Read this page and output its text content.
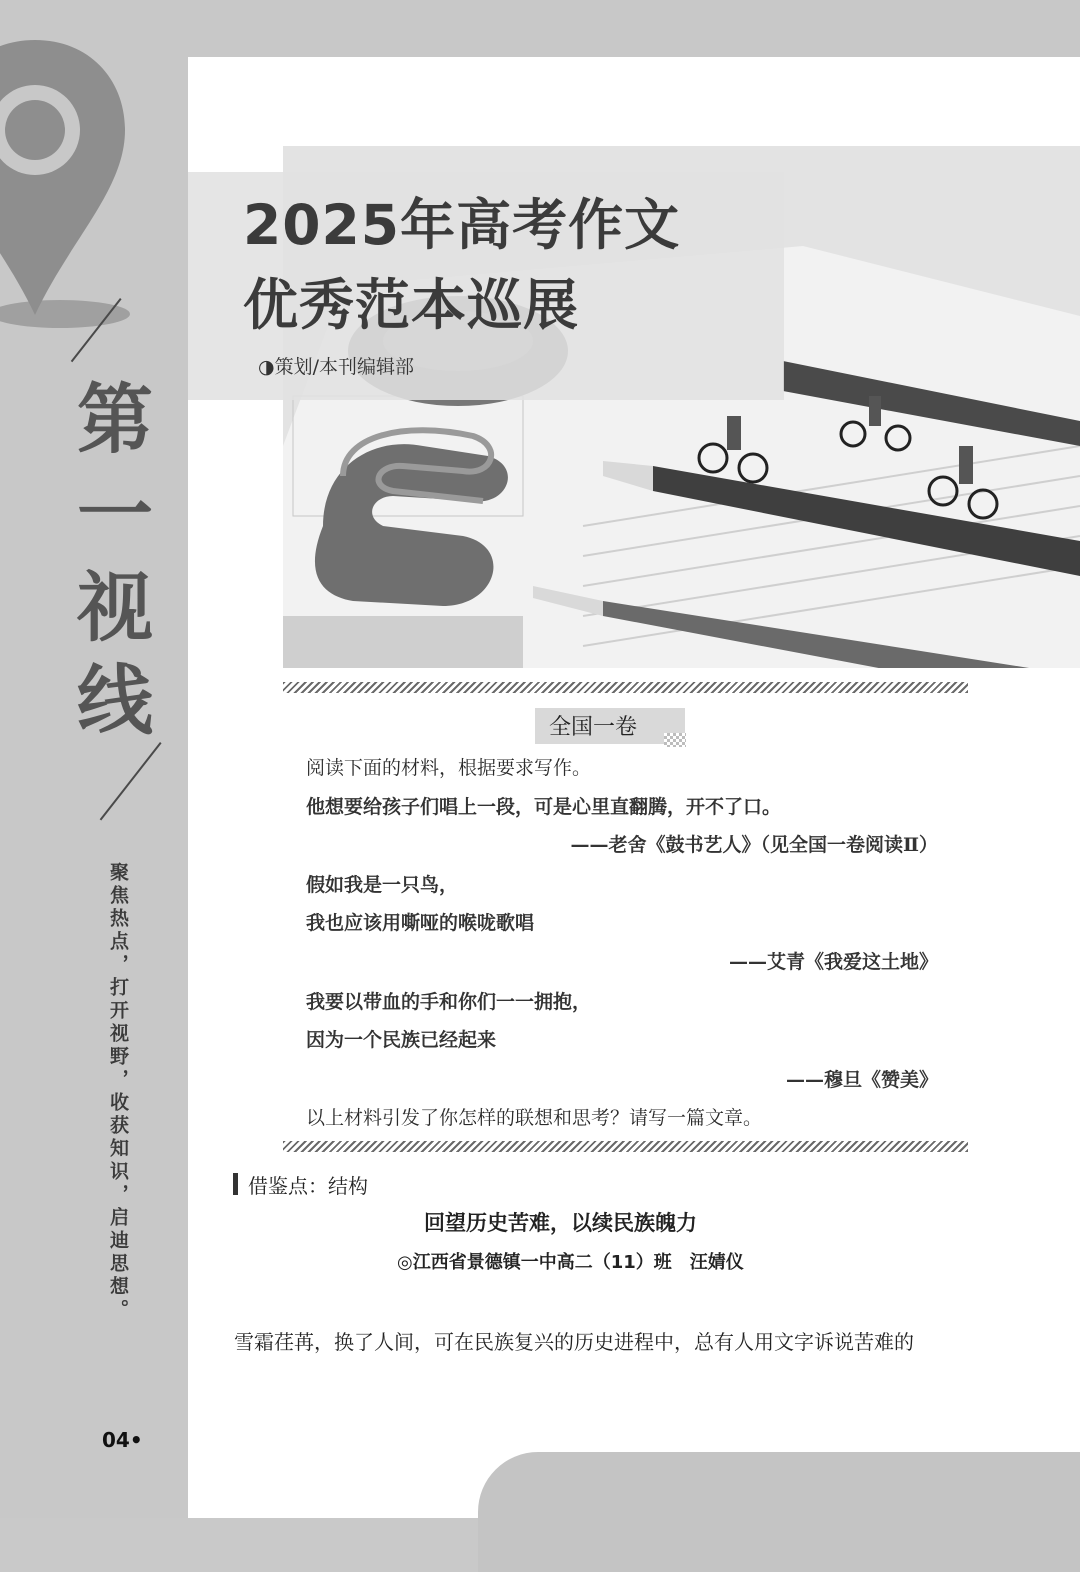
第
一
视
线
聚焦热点，打开视野，收获知识，启迪思想。
04•
2025年高考作文
优秀范本巡展
◑策划/本刊编辑部
全国一卷
阅读下面的材料，根据要求写作。
他想要给孩子们唱上一段，可是心里直翻腾，开不了口。
——老舍《鼓书艺人》（见全国一卷阅读Ⅱ）
假如我是一只鸟，
我也应该用嘶哑的喉咙歌唱
——艾青《我爱这土地》
我要以带血的手和你们一一拥抱，
因为一个民族已经起来
——穆旦《赞美》
以上材料引发了你怎样的联想和思考？请写一篇文章。
借鉴点：结构
回望历史苦难，以续民族魄力
◎江西省景德镇一中高二（11）班　汪婧仪
雪霜荏苒，换了人间，可在民族复兴的历史进程中，总有人用文字诉说苦难的
